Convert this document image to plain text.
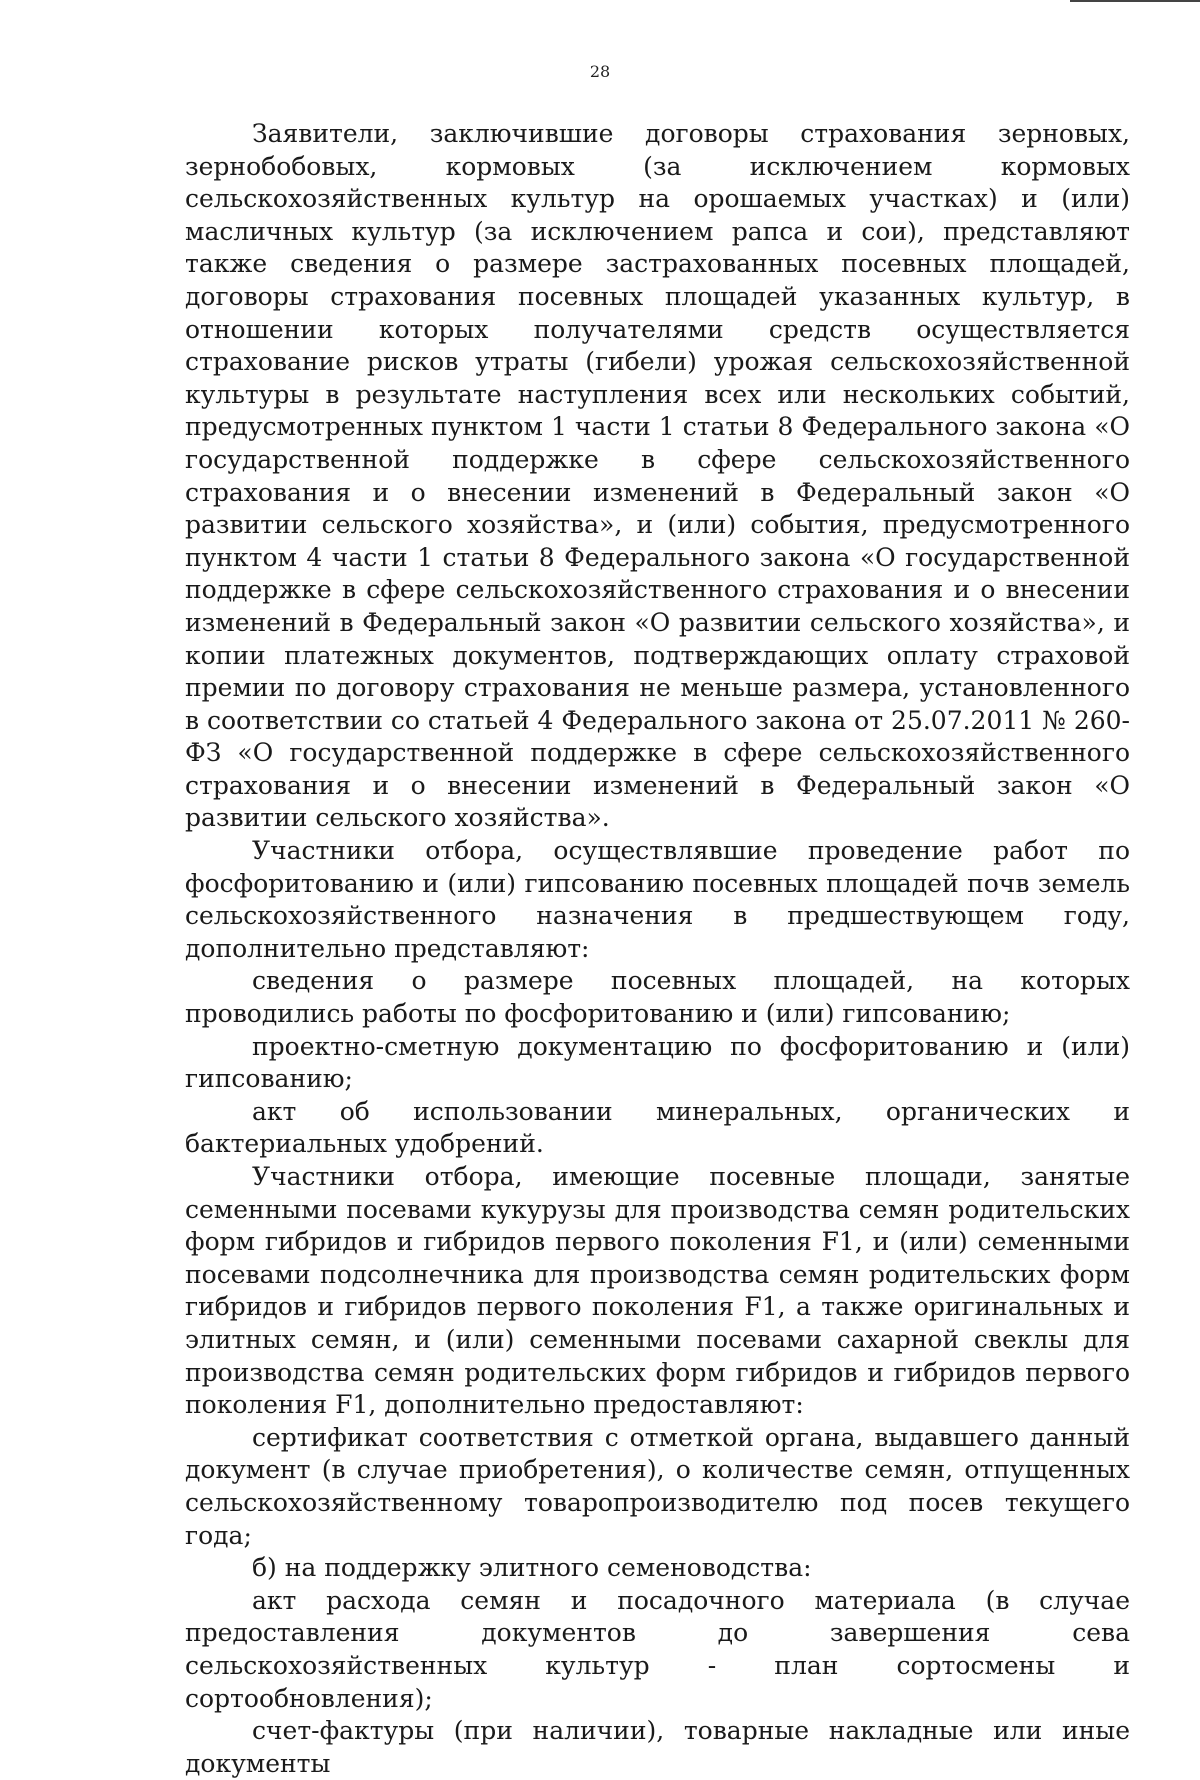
28

Заявители, заключившие договоры страхования зерновых, зернобобовых, кормовых (за исключением кормовых сельскохозяйственных культур на орошаемых участках) и (или) масличных культур (за исключением рапса и сои), представляют также сведения о размере застрахованных посевных площадей, договоры страхования посевных площадей указанных культур, в отношении которых получателями средств осуществляется страхование рисков утраты (гибели) урожая сельскохозяйственной культуры в результате наступления всех или нескольких событий, предусмотренных пунктом 1 части 1 статьи 8 Федерального закона «О государственной поддержке в сфере сельскохозяйственного страхования и о внесении изменений в Федеральный закон «О развитии сельского хозяйства», и (или) события, предусмотренного пунктом 4 части 1 статьи 8 Федерального закона «О государственной поддержке в сфере сельскохозяйственного страхования и о внесении изменений в Федеральный закон «О развитии сельского хозяйства», и копии платежных документов, подтверждающих оплату страховой премии по договору страхования не меньше размера, установленного в соответствии со статьей 4 Федерального закона от 25.07.2011 № 260-ФЗ «О государственной поддержке в сфере сельскохозяйственного страхования и о внесении изменений в Федеральный закон «О развитии сельского хозяйства».

Участники отбора, осуществлявшие проведение работ по фосфоритованию и (или) гипсованию посевных площадей почв земель сельскохозяйственного назначения в предшествующем году, дополнительно представляют:

сведения о размере посевных площадей, на которых проводились работы по фосфоритованию и (или) гипсованию;

проектно-сметную документацию по фосфоритованию и (или) гипсованию;

акт об использовании минеральных, органических и бактериальных удобрений.

Участники отбора, имеющие посевные площади, занятые семенными посевами кукурузы для производства семян родительских форм гибридов и гибридов первого поколения F1, и (или) семенными посевами подсолнечника для производства семян родительских форм гибридов и гибридов первого поколения F1, а также оригинальных и элитных семян, и (или) семенными посевами сахарной свеклы для производства семян родительских форм гибридов и гибридов первого поколения F1, дополнительно предоставляют:

сертификат соответствия с отметкой органа, выдавшего данный документ (в случае приобретения), о количестве семян, отпущенных сельскохозяйственному товаропроизводителю под посев текущего года;

б) на поддержку элитного семеноводства:

акт расхода семян и посадочного материала (в случае предоставления документов до завершения сева сельскохозяйственных культур - план сортосмены и сортообновления);

счет-фактуры (при наличии), товарные накладные или иные документы
